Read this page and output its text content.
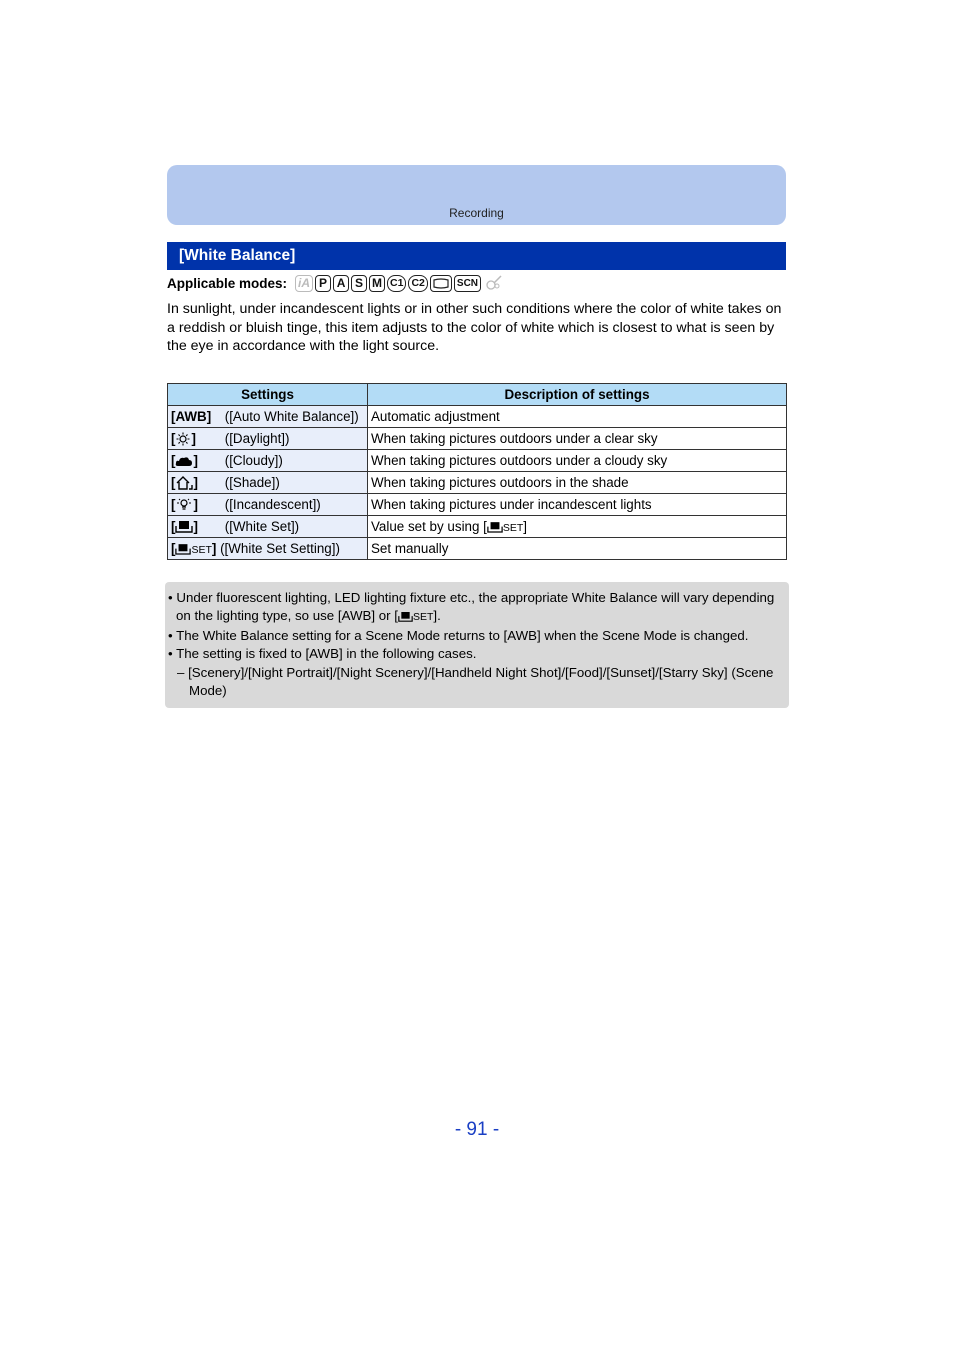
Recording
[White Balance]
Applicable modes: iA P A S M C1 C2	SCN
In sunlight, under incandescent lights or in other such conditions where the color of white takes on a reddish or bluish tinge, this item adjusts to the color of white which is closest to what is seen by the eye in accordance with the light source.
Settings	Description of settings
[AWB] ([Auto White Balance])	Automatic adjustment
[ ] ([Daylight])	When taking pictures outdoors under a clear sky
[ ] ([Cloudy])	When taking pictures outdoors under a cloudy sky
[ ] ([Shade])	When taking pictures outdoors in the shade
[ ] ([Incandescent])	When taking pictures under incandescent lights
[ ] ([White Set])	Value set by using [ SET]
[ SET] ([White Set Setting])	Set manually
• Under fluorescent lighting, LED lighting fixture etc., the appropriate White Balance will vary depending on the lighting type, so use [AWB] or [ SET].
• The White Balance setting for a Scene Mode returns to [AWB] when the Scene Mode is changed.
• The setting is fixed to [AWB] in the following cases.
– [Scenery]/[Night Portrait]/[Night Scenery]/[Handheld Night Shot]/[Food]/[Sunset]/[Starry Sky] (Scene Mode)
- 91 -
